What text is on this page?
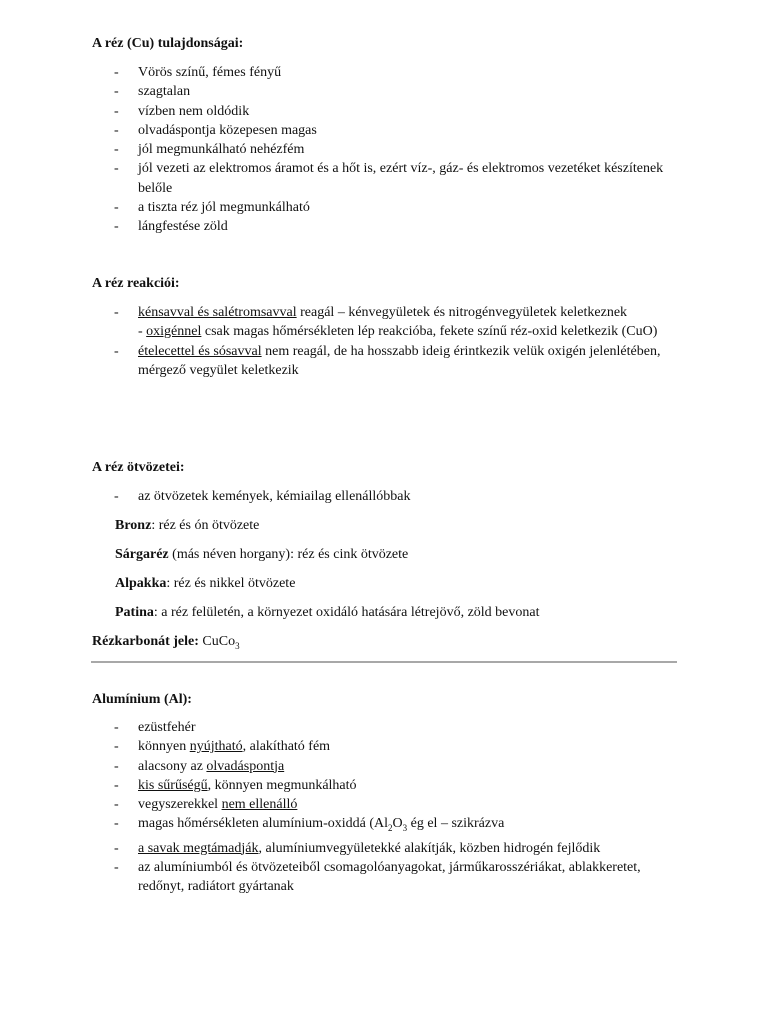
A réz (Cu) tulajdonságai:
- Vörös színű, fémes fényű
- szagtalan
- vízben nem oldódik
- olvadáspontja közepesen magas
- jól megmunkálható nehézfém
- jól vezeti az elektromos áramot és a hőt is, ezért víz-, gáz- és elektromos vezetéket készítenek belőle
- a tiszta réz jól megmunkálható
- lángfestése zöld
A réz reakciói:
- kénsavval és salétromsavval reagál – kénvegyületek és nitrogénvegyületek keletkeznek
- oxigénnel csak magas hőmérsékleten lép reakcióba, fekete színű réz-oxid keletkezik (CuO)
- ételecettel és sósavval nem reagál, de ha hosszabb ideig érintkezik velük oxigén jelenlétében, mérgező vegyület keletkezik
A réz ötvözetei:
- az ötvözetek kemények, kémiailag ellenállóbbak
Bronz: réz és ón ötvözete
Sárgaréz (más néven horgany): réz és cink ötvözete
Alpakka: réz és nikkel ötvözete
Patina: a réz felületén, a környezet oxidáló hatására létrejövő, zöld bevonat
Rézkarbonát jele: CuCo$_3$
Alumínium (Al):
- ezüstfehér
- könnyen nyújtható, alakítható fém
- alacsony az olvadáspontja
- kis sűrűségű, könnyen megmunkálható
- vegyszerekkel nem ellenálló
- magas hőmérsékleten alumínium-oxiddá ($Al_2O_3$ ég el – szikrázva
- a savak megtámadják, alumíniumvegyületekké alakítják, közben hidrogén fejlődik
- az alumíniumból és ötvözeteiből csomagolóanyagokat, járműkarosszériákat, ablakkeretet, redőnyt, radiátort gyártanak
